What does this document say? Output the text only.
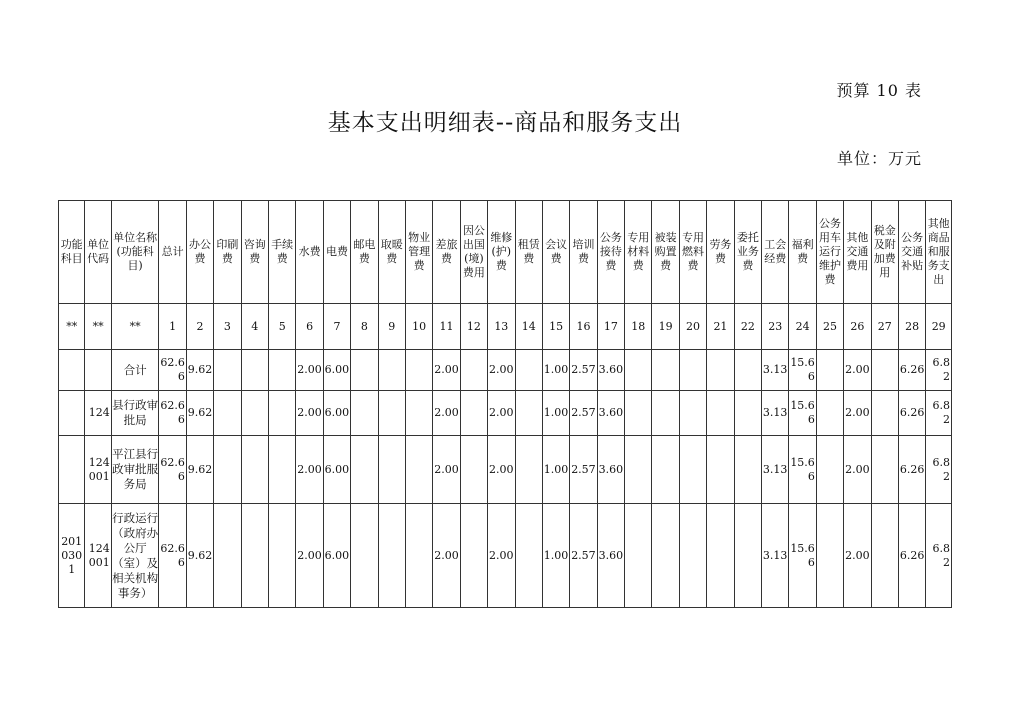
预算 10 表
基本支出明细表--商品和服务支出
单位：万元
功能科目	单位代码	单位名称(功能科目)	总计	办公费	印刷费	咨询费	手续费	水费	电费	邮电费	取暖费	物业管理费	差旅费	因公出国(境)费用	维修(护)费	租赁费	会议费	培训费	公务接待费	专用材料费	被装购置费	专用燃料费	劳务费	委托业务费	工会经费	福利费	公务用车运行维护费	其他交通费用	税金及附加费用	公务交通补贴	其他商品和服务支出
**	**	**	1	2	3	4	5	6	7	8	9	10	11	12	13	14	15	16	17	18	19	20	21	22	23	24	25	26	27	28	29
		合计	62.66	9.62				2.00	6.00				2.00		2.00		1.00	2.57	3.60						3.13	15.66		2.00		6.26	6.82
	124	县行政审批局	62.66	9.62				2.00	6.00				2.00		2.00		1.00	2.57	3.60						3.13	15.66		2.00		6.26	6.82
	124001	平江县行政审批服务局	62.66	9.62				2.00	6.00				2.00		2.00		1.00	2.57	3.60						3.13	15.66		2.00		6.26	6.82
2010301	124001	行政运行（政府办公厅（室）及相关机构事务）	62.66	9.62				2.00	6.00				2.00		2.00		1.00	2.57	3.60						3.13	15.66		2.00		6.26	6.82
